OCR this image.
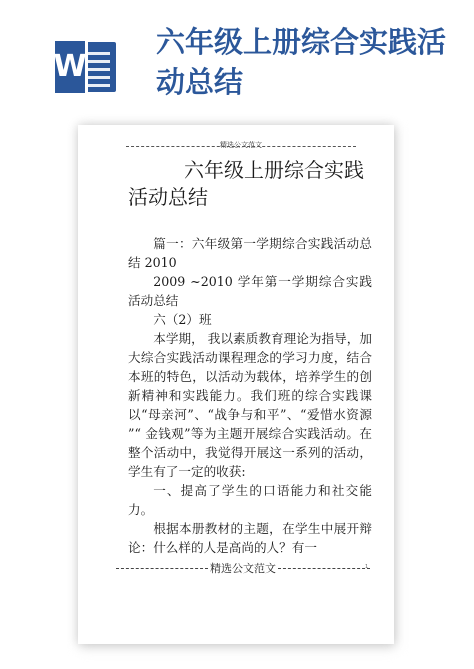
W
六年级上册综合实践活动总结
精选公文范文
六年级上册综合实践活动总结

篇一：六年级第一学期综合实践活动总结 2010

2009 ~2010 学年第一学期综合实践活动总结

六（2）班

本学期， 我以素质教育理论为指导，加大综合实践活动课程理念的学习力度，结合本班的特色，以活动为载体，培养学生的创新精神和实践能力。我们班的综合实践课以“母亲河”、“战争与和平”、“爱惜水资源 ”“ 金钱观”等为主题开展综合实践活动。在整个活动中，我觉得开展这一系列的活动，学生有了一定的收获:

一、提高了学生的口语能力和社交能力。

根据本册教材的主题，在学生中展开辩论：什么样的人是高尚的人？有一

精选公文范文	1
